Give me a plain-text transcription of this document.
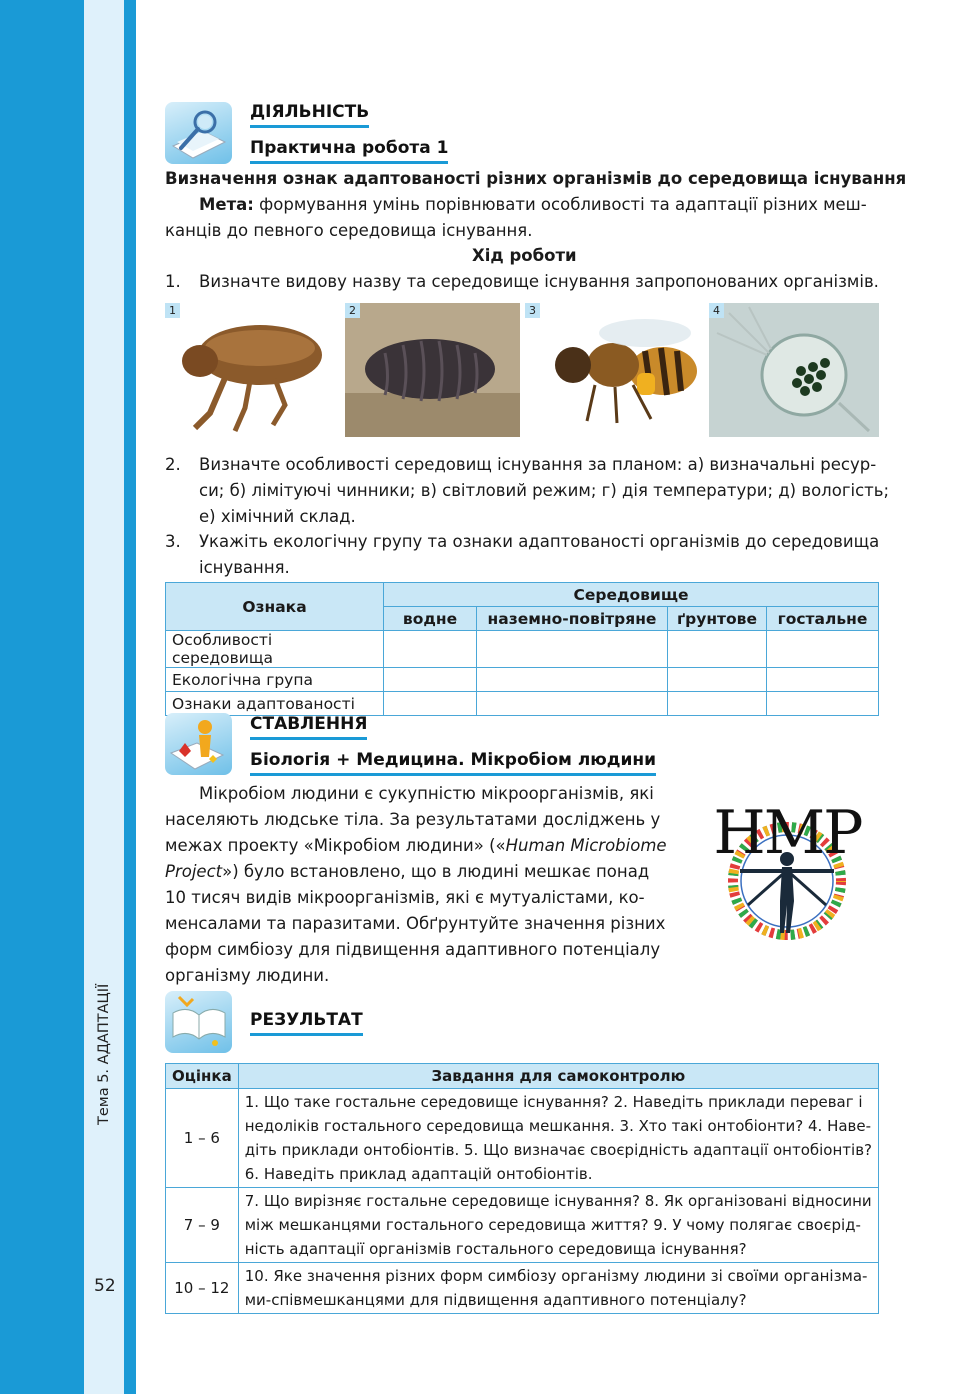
Тема 5. АДАПТАЦІЇ
52
ДІЯЛЬНІСТЬ
Практична робота 1
Визначення ознак адаптованості різних організмів до середовища існування
Мета: формування умінь порівнювати особливості та адаптації різних меш-
канців до певного середовища існування.
Хід роботи
1. Визначте видову назву та середовище існування запропонованих організмів.
1	2	3	4
2. Визначте особливості середовищ існування за планом: а) визначальні ресур-
си; б) лімітуючі чинники; в) світловий режим; г) дія температури; д) вологість;
е) хімічний склад.
3. Укажіть екологічну групу та ознаки адаптованості організмів до середовища
існування.
Ознака	Середовище			
	водне	наземно-повітряне	ґрунтове	гостальне
Особливості середовища				
Екологічна група				
Ознаки адаптованості				
СТАВЛЕННЯ
Біологія + Медицина. Мікробіом людини
Мікробіом людини є сукупністю мікроорганізмів, які
населяють людське тіла. За результатами досліджень у
межах проекту «Мікробіом людини» («Human Microbiome
Project») було встановлено, що в людині мешкає понад
10 тисяч видів мікроорганізмів, які є мутуалістами, ко-
менсалами та паразитами. Обґрунтуйте значення різних
форм симбіозу для підвищення адаптивного потенціалу
організму людини.
HMP
РЕЗУЛЬТАТ
Оцінка	Завдання для самоконтролю
1 – 6	1. Що таке гостальне середовище існування? 2. Наведіть приклади переваг і
недоліків гостального середовища мешкання. 3. Хто такі онтобіонти? 4. Наве-
діть приклади онтобіонтів. 5. Що визначає своєрідність адаптації онтобіонтів?
6. Наведіть приклад адаптацій онтобіонтів.

7 – 9	7. Що вирізняє гостальне середовище існування? 8. Як організовані відносини
між мешканцями гостального середовища життя? 9. У чому полягає своєрід-
ність адаптації організмів гостального середовища існування?

10 – 12	10. Яке значення різних форм симбіозу організму людини зі своїми організма-
ми-співмешканцями для підвищення адаптивного потенціалу?
